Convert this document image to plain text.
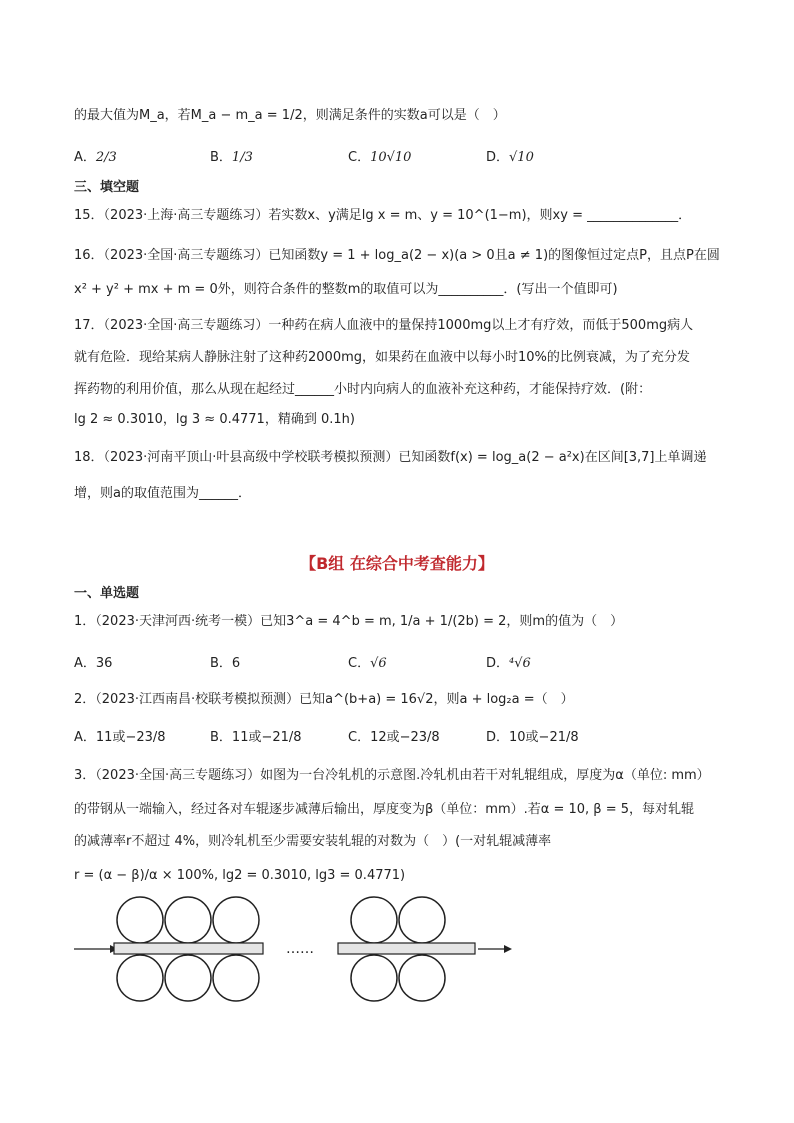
的最大值为M_a，若M_a − m_a = 1/2，则满足条件的实数a可以是（　）
A．2/3	B．1/3	C．10√10	D．√10
三、填空题
15．（2023·上海·高三专题练习）若实数x、y满足lg x = m、y = 10^(1−m)，则xy = ______________．
16．（2023·全国·高三专题练习）已知函数y = 1 + log_a(2 − x)(a > 0且a ≠ 1)的图像恒过定点P，且点P在圆
x² + y² + mx + m = 0外，则符合条件的整数m的取值可以为__________．(写出一个值即可)
17．（2023·全国·高三专题练习）一种药在病人血液中的量保持1000mg以上才有疗效，而低于500mg病人
就有危险．现给某病人静脉注射了这种药2000mg，如果药在血液中以每小时10%的比例衰减，为了充分发
挥药物的利用价值，那么从现在起经过______小时内向病人的血液补充这种药，才能保持疗效．(附：
lg 2 ≈ 0.3010，lg 3 ≈ 0.4771，精确到 0.1h)
18．（2023·河南平顶山·叶县高级中学校联考模拟预测）已知函数f(x) = log_a(2 − a²x)在区间[3,7]上单调递
增，则a的取值范围为______．
【B组 在综合中考查能力】
一、单选题
1．（2023·天津河西·统考一模）已知3^a = 4^b = m, 1/a + 1/(2b) = 2，则m的值为（　）
A．36	B．6	C．√6	D．⁴√6
2．（2023·江西南昌·校联考模拟预测）已知a^(b+a) = 16√2，则a + log₂a =（　）
A．11或−23/8	B．11或−21/8	C．12或−23/8	D．10或−21/8
3．（2023·全国·高三专题练习）如图为一台冷轧机的示意图.冷轧机由若干对轧辊组成，厚度为α（单位: mm）
的带钢从一端输入，经过各对车辊逐步减薄后输出，厚度变为β（单位：mm）.若α = 10, β = 5，每对轧辊
的减薄率r不超过 4%，则冷轧机至少需要安装轧辊的对数为（　）(一对轧辊减薄率
r = (α − β)/α × 100%, lg2 = 0.3010, lg3 = 0.4771)
……
